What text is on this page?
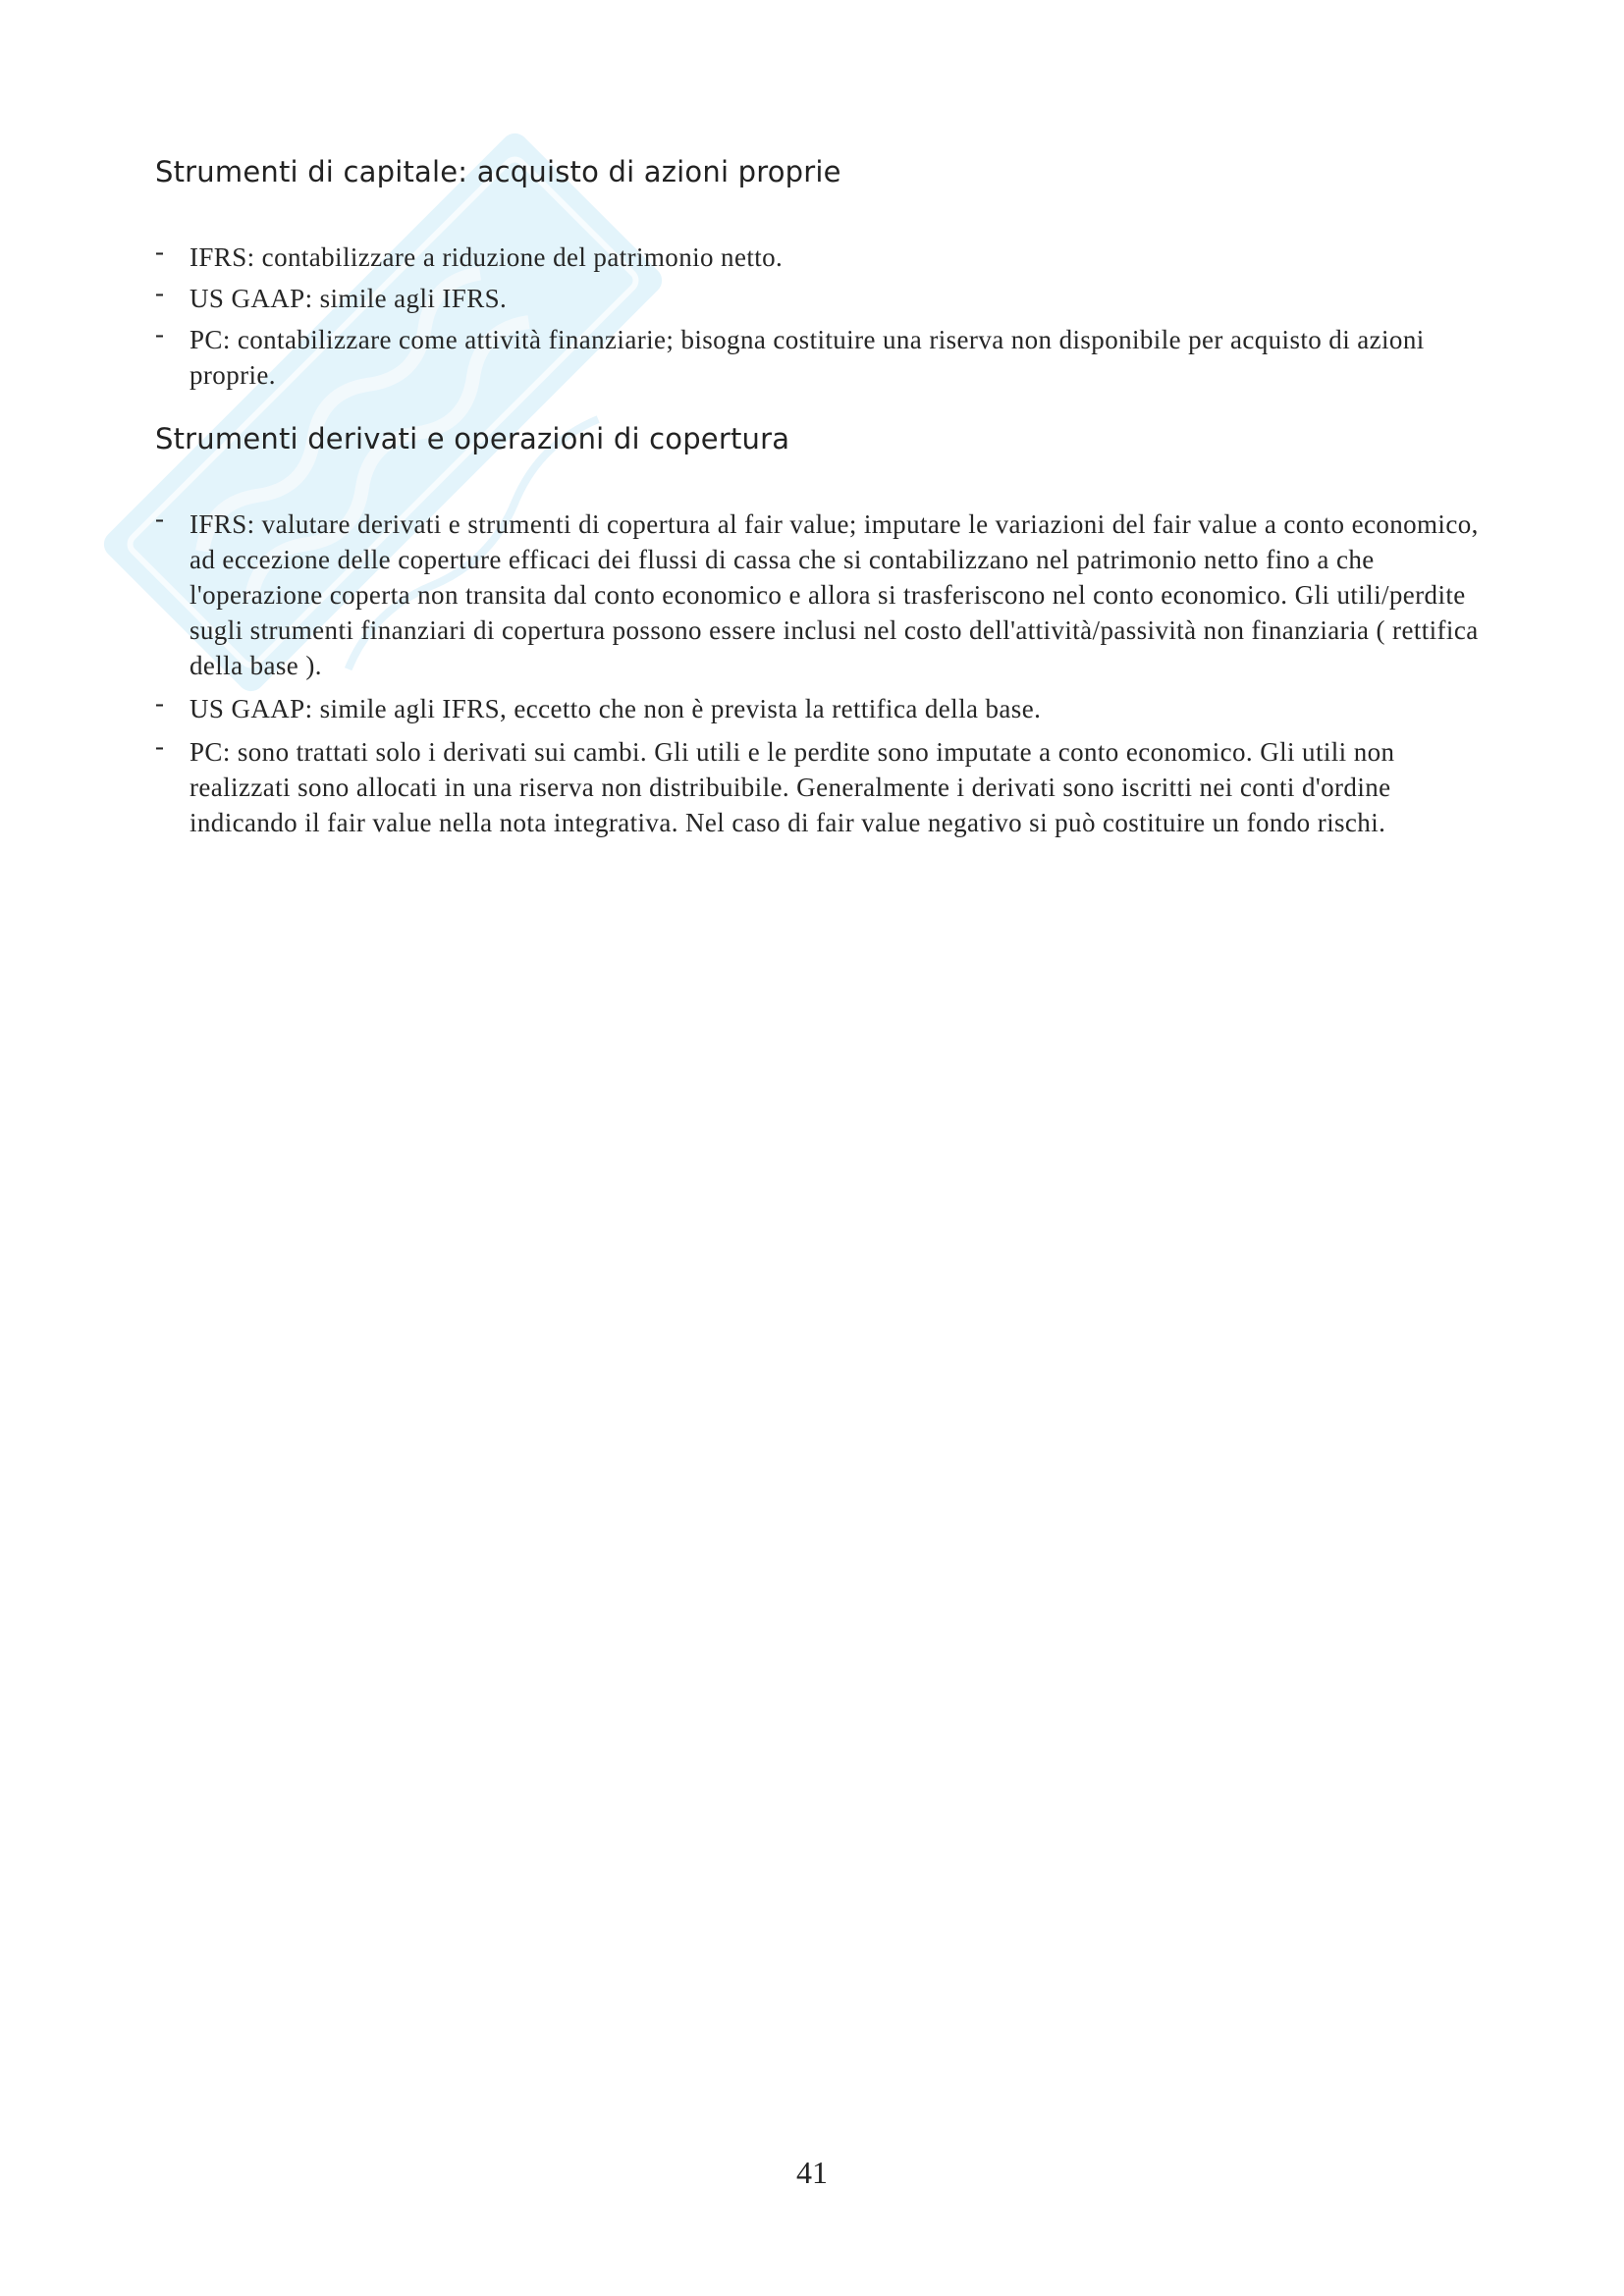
Strumenti di capitale: acquisto di azioni proprie
- IFRS: contabilizzare a riduzione del patrimonio netto.
- US GAAP: simile agli IFRS.
- PC: contabilizzare come attività finanziarie; bisogna costituire una riserva non disponibile per acquisto di azioni proprie.
Strumenti derivati e operazioni di copertura
- IFRS: valutare derivati e strumenti di copertura al fair value; imputare le variazioni del fair value a conto economico, ad eccezione delle coperture efficaci dei flussi di cassa che si contabilizzano nel patrimonio netto fino a che l'operazione coperta non transita dal conto economico e allora si trasferiscono nel conto economico. Gli utili/perdite sugli strumenti finanziari di copertura possono essere inclusi nel costo dell'attività/passività non finanziaria ( rettifica della base ).
- US GAAP: simile agli IFRS, eccetto che non è prevista la rettifica della base.
- PC: sono trattati solo i derivati sui cambi. Gli utili e le perdite sono imputate a conto economico. Gli utili non realizzati sono allocati in una riserva non distribuibile. Generalmente i derivati sono iscritti nei conti d'ordine indicando il fair value nella nota integrativa. Nel caso di fair value negativo si può costituire un fondo rischi.
41
